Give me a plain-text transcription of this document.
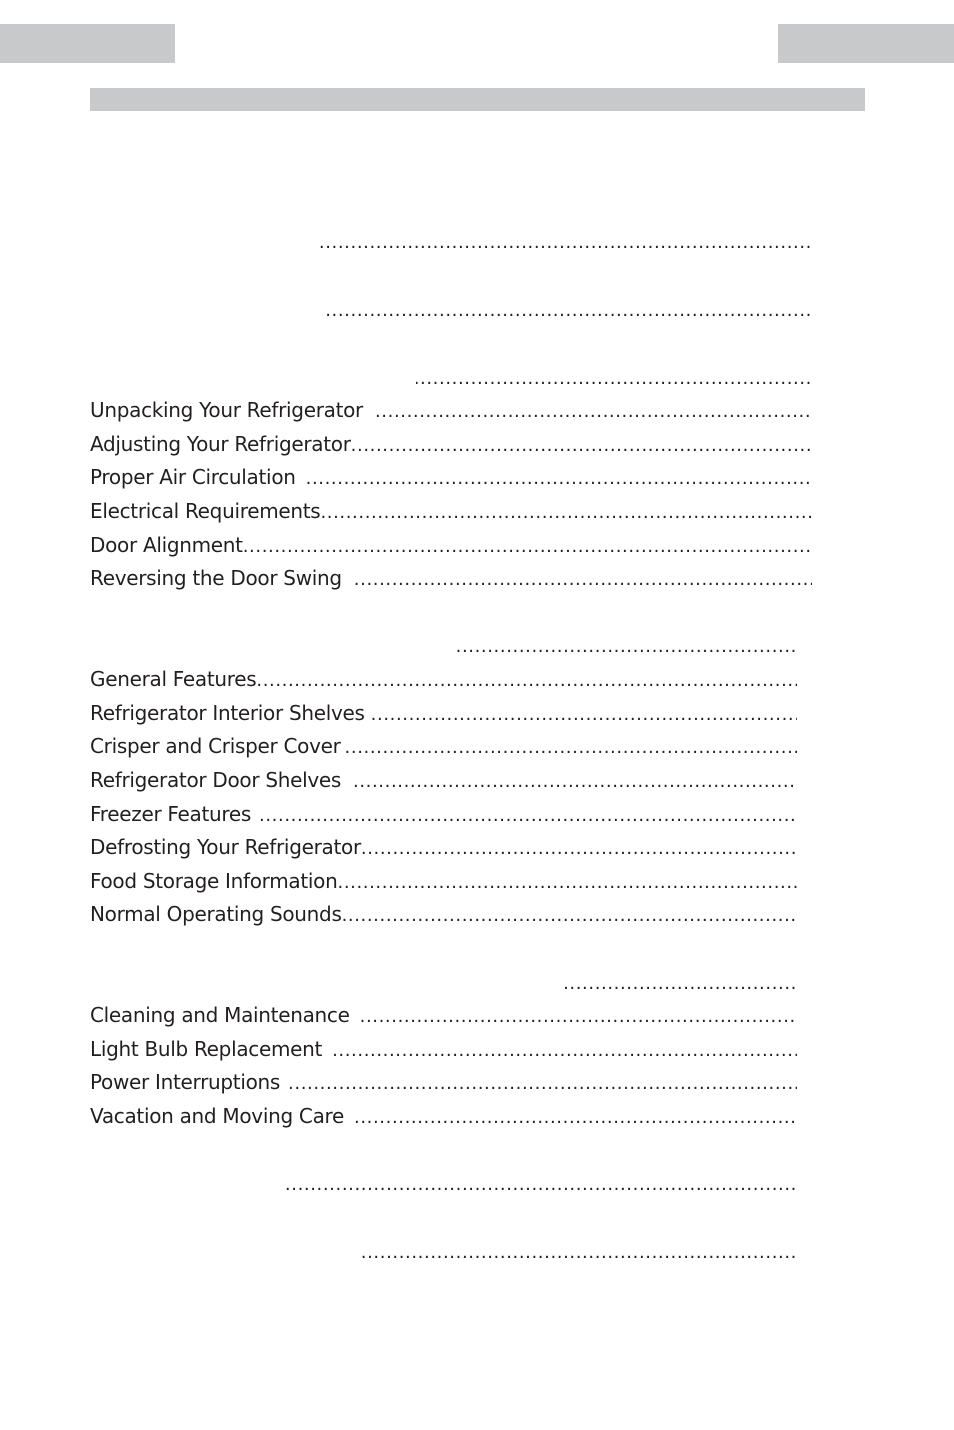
.....
.....
.....
Unpacking Your Refrigerator
.....
Adjusting Your Refrigerator
.....
Proper Air Circulation
.....
Electrical Requirements
.....
Door Alignment
.....
Reversing the Door Swing
.....
.....
General Features
.....
Refrigerator Interior Shelves
.....
Crisper and Crisper Cover
.....
Refrigerator Door Shelves
.....
Freezer Features
.....
Defrosting Your Refrigerator
.....
Food Storage Information
.....
Normal Operating Sounds
.....
.....
Cleaning and Maintenance
.....
Light Bulb Replacement
.....
Power Interruptions
.....
Vacation and Moving Care
.....
.....
.....
